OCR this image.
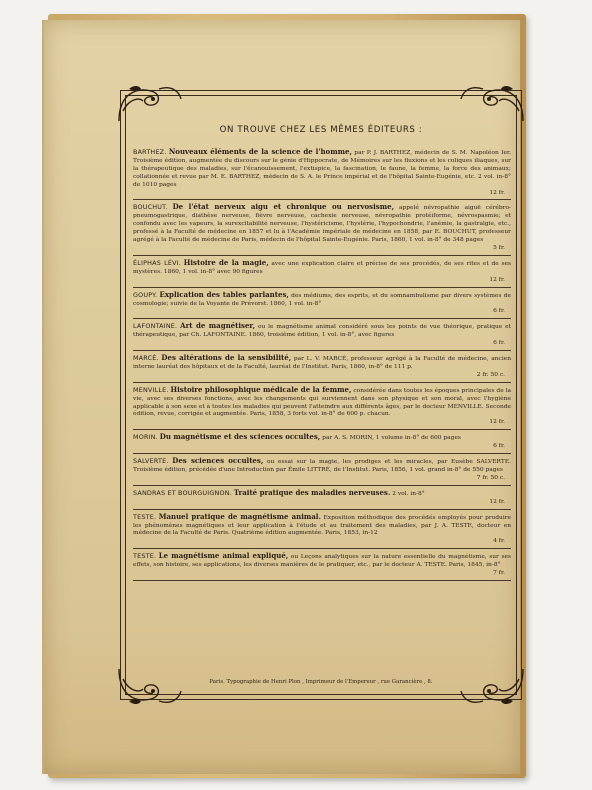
ON TROUVE CHEZ LES MÊMES ÉDITEURS :
BARTHEZ. Nouveaux éléments de la science de l'homme, par P. J. BARTHEZ, médecin de S. M. Napoléon Ier. Troisième édition, augmentée du discours sur le génie d'Hippocrate, de Mémoires sur les fluxions et les coliques iliaques, sur la thérapeutique des maladies, sur l'écanouissement, l'extispice, la fascination, le faune, la femme, la force des animaux; collationnée et revue par M. E. BARTHEZ, médecin de S. A. le Prince impérial et de l'hôpital Sainte-Eugénie, etc. 2 vol. in-8° de 1010 pages
12 fr.
BOUCHUT. De l'état nerveux aigu et chronique ou nervosisme, appelé névropathie aiguë cérébro-pneumogastrique, diathèse nerveuse, fièvre nerveuse, cachexie nerveuse, névropathie protéiforme, névrospasmie; et confondu avec les vapeurs, la surexcitabilité nerveuse, l'hystéricisme, l'hystérie, l'hypochondrie, l'anémie, la gastralgie, etc., professé à la Faculté de médecine en 1857 et lu à l'Académie impériale de médecine en 1858, par E. BOUCHUT, professeur agrégé à la Faculté de médecine de Paris, médecin de l'hôpital Sainte-Eugénie. Paris, 1860, 1 vol. in-8° de 348 pages
5 fr.
ÉLIPHAS LÉVI. Histoire de la magie, avec une explication claire et précise de ses procédés, de ses rites et de ses mystères. 1860, 1 vol. in-8° avec 90 figures
12 fr.
GOUPY. Explication des tables parlantes, des médiums, des esprits, et du somnambulisme par divers systèmes de cosmologie; suivie de la Voyante de Prévorst. 1860, 1 vol. in-8°
6 fr.
LAFONTAINE. Art de magnétiser, ou le magnétisme animal considéré sous les points de vue théorique, pratique et thérapeutique, par Ch. LAFONTAINE. 1860, troisième édition, 1 vol. in-8°, avec figures
6 fr.
MARCÉ. Des altérations de la sensibilité, par L. V. MARCÉ, professeur agrégé à la Faculté de médecine, ancien interne lauréat des hôpitaux et de la Faculté, lauréat de l'Institut. Paris, 1860, in-8° de 111 p.
2 fr. 50 c.
MENVILLE. Histoire philosophique médicale de la femme, considérée dans toutes les époques principales de la vie, avec ses diverses fonctions, avec les changements qui surviennent dans son physique et son moral, avec l'hygiène applicable à son sexe et à toutes les maladies qui peuvent l'atteindre aux différents âges, par le docteur MENVILLE. Seconde édition, revue, corrigée et augmentée. Paris, 1858, 3 forts vol. in-8° de 600 p. chacun.
12 fr.
MORIN. Du magnétisme et des sciences occultes, par A. S. MORIN, 1 volume in-8° de 600 pages
6 fr.
SALVERTE. Des sciences occultes, ou essai sur la magie, les prodiges et les miracles, par Eusèbe SALVERTE. Troisième édition, précédée d'une Introduction par Émile LITTRÉ, de l'Institut. Paris, 1856, 1 vol. grand in-8° de 550 pages
7 fr. 50 c.
SANDRAS ET BOURGUIGNON. Traité pratique des maladies nerveuses. 2 vol. in-8°
12 fr.
TESTE. Manuel pratique de magnétisme animal. Exposition méthodique des procédés employés pour produire les phénomènes magnétiques et leur application à l'étude et au traitement des maladies, par J. A. TESTE, docteur en médecine de la Faculté de Paris. Quatrième édition augmentée. Paris, 1853, in-12
4 fr.
TESTE. Le magnétisme animal expliqué, ou Leçons analytiques sur la nature essentielle du magnétisme, sur ses effets, son histoire, ses applications, les diverses manières de le pratiquer, etc., par le docteur A. TESTE. Paris, 1845, in-8°
7 fr.
Paris. Typographie de Henri Plon , Imprimeur de l'Empereur , rue Garancière , 8.
